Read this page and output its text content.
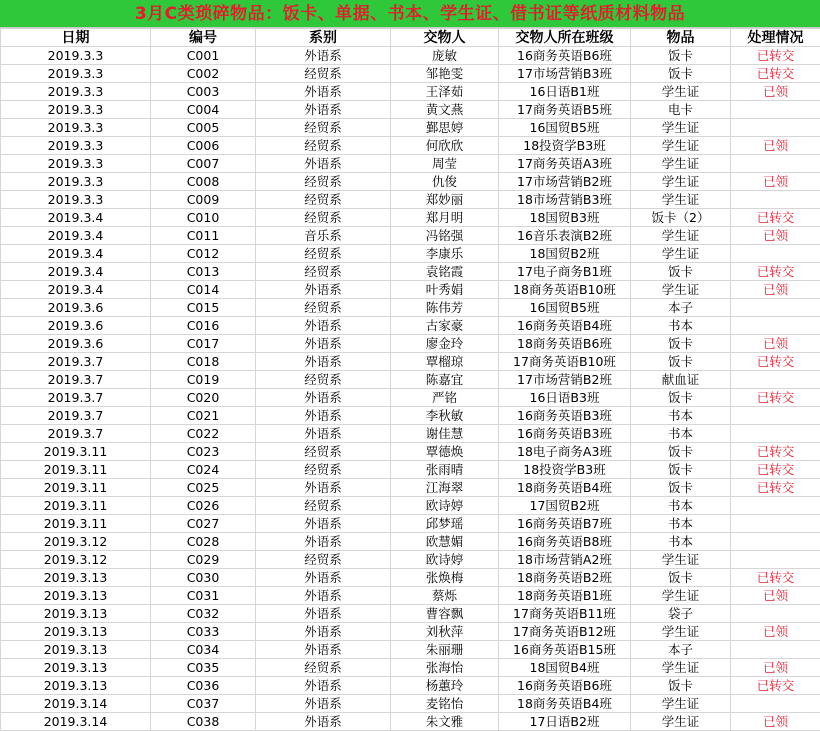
3月C类琐碎物品：饭卡、单据、书本、学生证、借书证等纸质材料物品
日期	编号	系别	交物人	交物人所在班级	物品	处理情况
2019.3.3	C001	外语系	庞敏	16商务英语B6班	饭卡	已转交
2019.3.3	C002	经贸系	邹艳雯	17市场营销B3班	饭卡	已转交
2019.3.3	C003	外语系	王泽茹	16日语B1班	学生证	已领
2019.3.3	C004	外语系	黄文燕	17商务英语B5班	电卡	
2019.3.3	C005	经贸系	鄞思婷	16国贸B5班	学生证	
2019.3.3	C006	经贸系	何欣欣	18投资学B3班	学生证	已领
2019.3.3	C007	外语系	周莹	17商务英语A3班	学生证	
2019.3.3	C008	经贸系	仇俊	17市场营销B2班	学生证	已领
2019.3.3	C009	经贸系	郑妙丽	18市场营销B3班	学生证	
2019.3.4	C010	经贸系	郑月明	18国贸B3班	饭卡（2）	已转交
2019.3.4	C011	音乐系	冯铭强	16音乐表演B2班	学生证	已领
2019.3.4	C012	经贸系	李康乐	18国贸B2班	学生证	
2019.3.4	C013	经贸系	袁铭霞	17电子商务B1班	饭卡	已转交
2019.3.4	C014	外语系	叶秀娟	18商务英语B10班	学生证	已领
2019.3.6	C015	经贸系	陈伟芳	16国贸B5班	本子	
2019.3.6	C016	外语系	古家豪	16商务英语B4班	书本	
2019.3.6	C017	外语系	廖金玲	18商务英语B6班	饭卡	已领
2019.3.7	C018	外语系	覃榴琼	17商务英语B10班	饭卡	已转交
2019.3.7	C019	经贸系	陈嘉宜	17市场营销B2班	献血证	
2019.3.7	C020	外语系	严铭	16日语B3班	饭卡	已转交
2019.3.7	C021	外语系	李秋敏	16商务英语B3班	书本	
2019.3.7	C022	外语系	谢佳慧	16商务英语B3班	书本	
2019.3.11	C023	经贸系	覃德焕	18电子商务A3班	饭卡	已转交
2019.3.11	C024	经贸系	张雨晴	18投资学B3班	饭卡	已转交
2019.3.11	C025	外语系	江海翠	18商务英语B4班	饭卡	已转交
2019.3.11	C026	经贸系	欧诗婷	17国贸B2班	书本	
2019.3.11	C027	外语系	邱梦瑶	16商务英语B7班	书本	
2019.3.12	C028	外语系	欧慧媚	16商务英语B8班	书本	
2019.3.12	C029	经贸系	欧诗婷	18市场营销A2班	学生证	
2019.3.13	C030	外语系	张焕梅	18商务英语B2班	饭卡	已转交
2019.3.13	C031	外语系	蔡烁	18商务英语B1班	学生证	已领
2019.3.13	C032	外语系	曹容飘	17商务英语B11班	袋子	
2019.3.13	C033	外语系	刘秋萍	17商务英语B12班	学生证	已领
2019.3.13	C034	外语系	朱丽珊	16商务英语B15班	本子	
2019.3.13	C035	经贸系	张海怡	18国贸B4班	学生证	已领
2019.3.13	C036	外语系	杨蕙玲	16商务英语B6班	饭卡	已转交
2019.3.14	C037	外语系	麦铭怡	18商务英语B4班	学生证	
2019.3.14	C038	外语系	朱文雅	17日语B2班	学生证	已领
